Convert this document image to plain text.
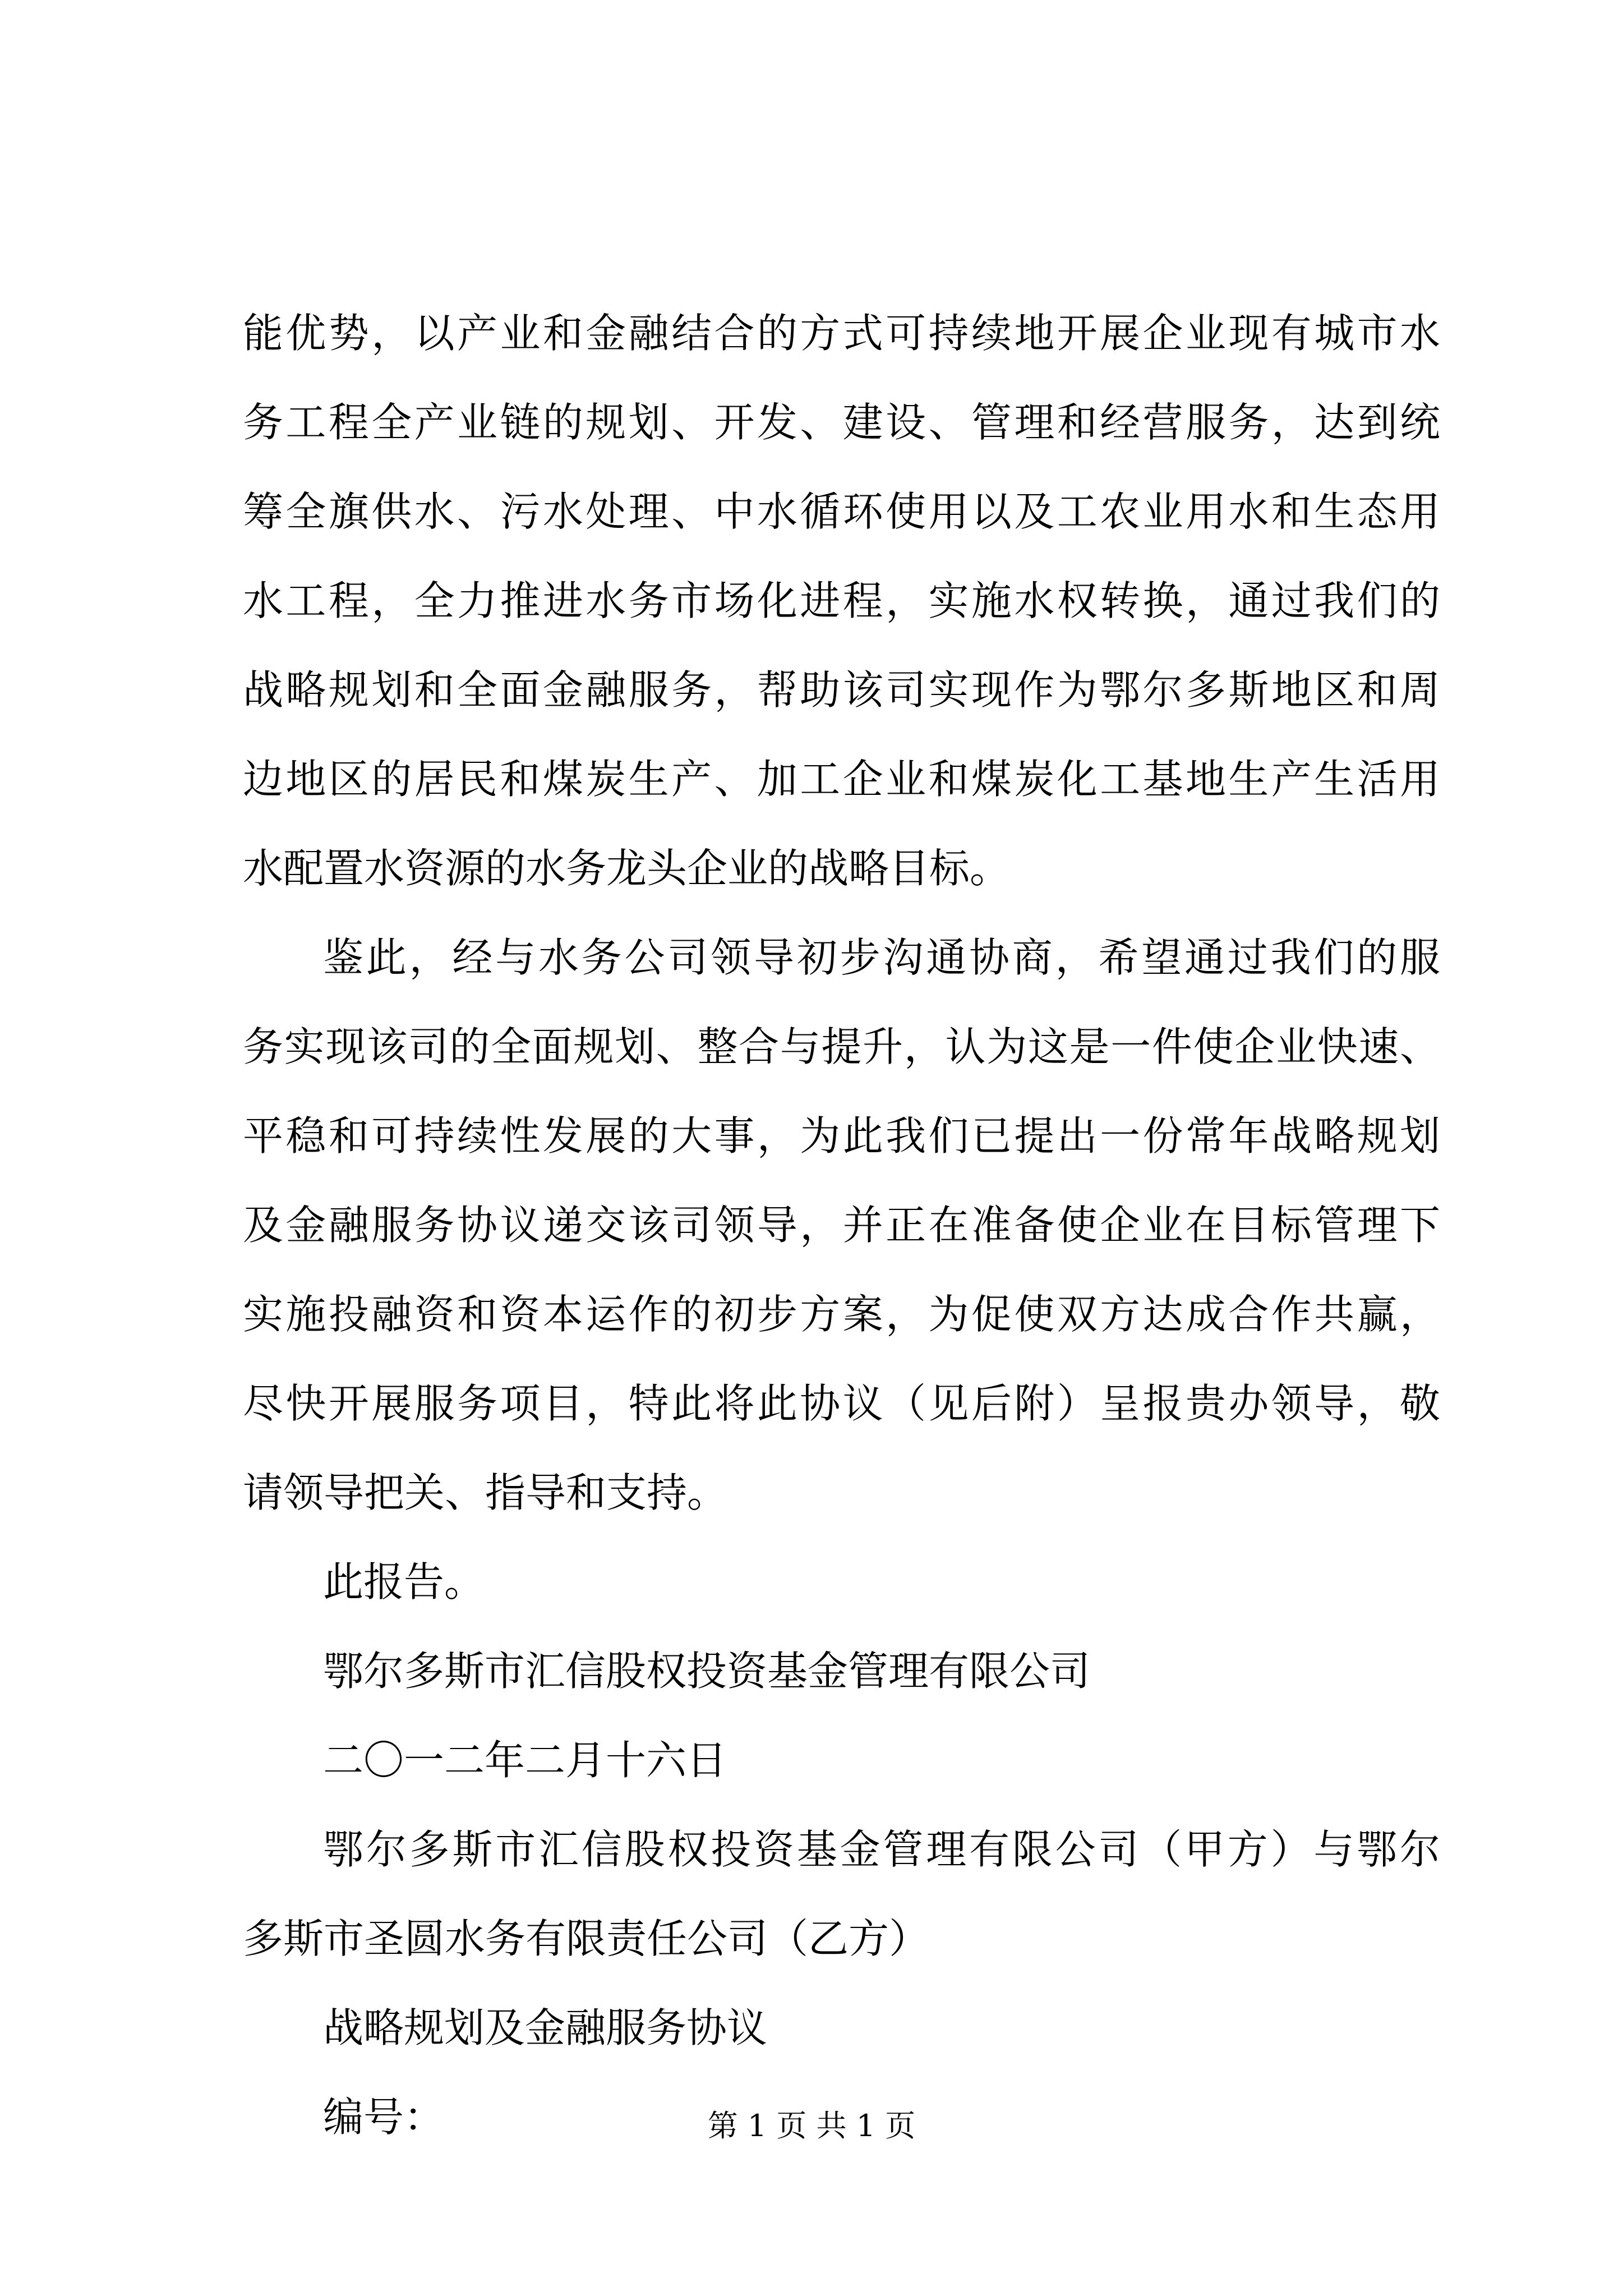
能优势，以产业和金融结合的方式可持续地开展企业现有城市水
务工程全产业链的规划、开发、建设、管理和经营服务，达到统
筹全旗供水、污水处理、中水循环使用以及工农业用水和生态用
水工程，全力推进水务市场化进程，实施水权转换，通过我们的
战略规划和全面金融服务，帮助该司实现作为鄂尔多斯地区和周
边地区的居民和煤炭生产、加工企业和煤炭化工基地生产生活用
水配置水资源的水务龙头企业的战略目标。

鉴此，经与水务公司领导初步沟通协商，希望通过我们的服
务实现该司的全面规划、整合与提升，认为这是一件使企业快速、
平稳和可持续性发展的大事，为此我们已提出一份常年战略规划
及金融服务协议递交该司领导，并正在准备使企业在目标管理下
实施投融资和资本运作的初步方案，为促使双方达成合作共赢，
尽快开展服务项目，特此将此协议（见后附）呈报贵办领导，敬
请领导把关、指导和支持。

此报告。

鄂尔多斯市汇信股权投资基金管理有限公司

二〇一二年二月十六日

鄂尔多斯市汇信股权投资基金管理有限公司（甲方）与鄂尔
多斯市圣圆水务有限责任公司（乙方）

战略规划及金融服务协议

编号：	第 1 页 共 1 页
